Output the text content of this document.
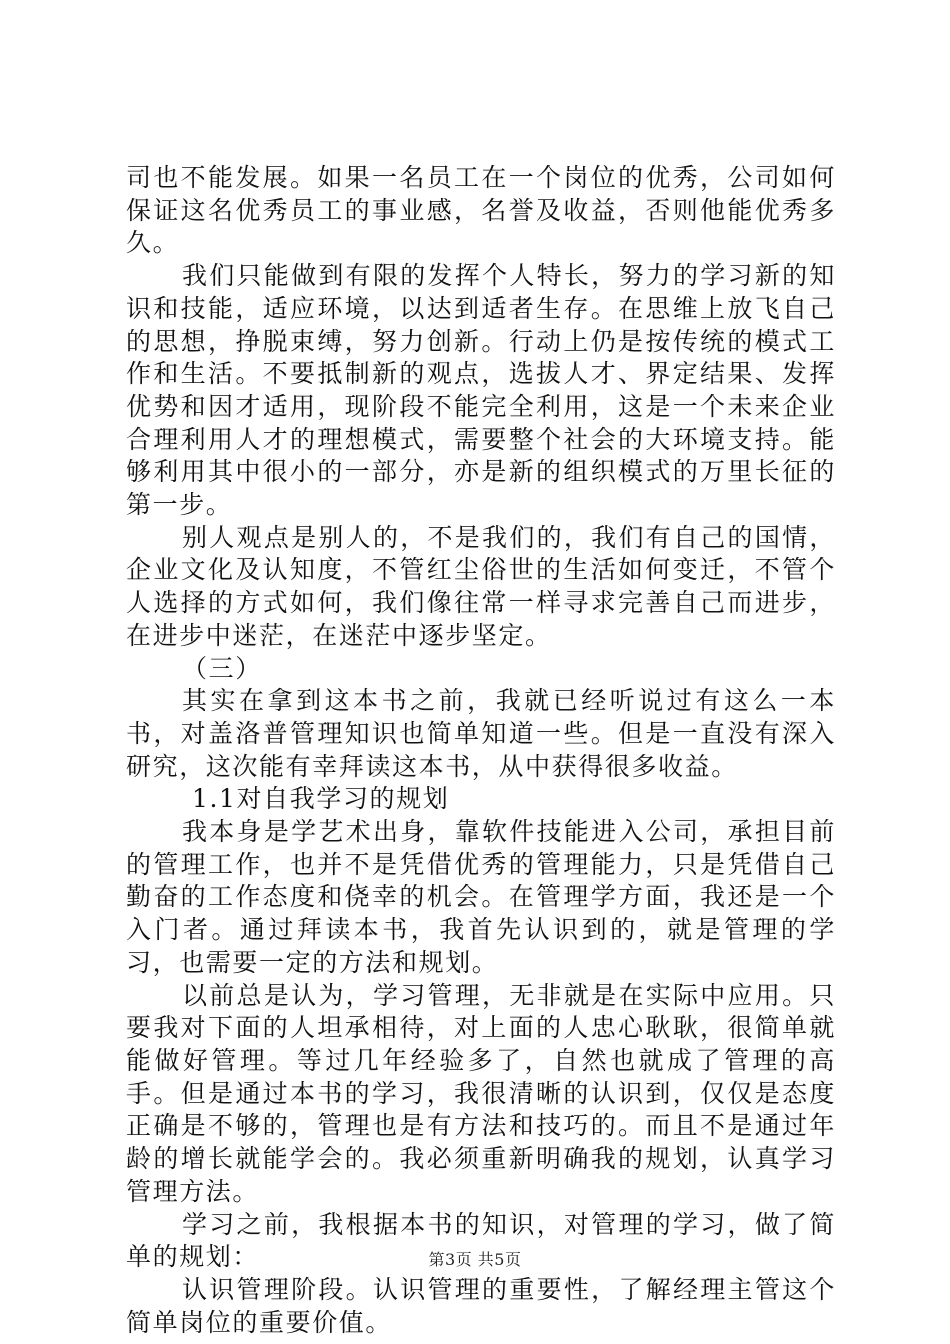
司也不能发展。如果一名员工在一个岗位的优秀，公司如何保证这名优秀员工的事业感，名誉及收益，否则他能优秀多久。

我们只能做到有限的发挥个人特长，努力的学习新的知识和技能，适应环境，以达到适者生存。在思维上放飞自己的思想，挣脱束缚，努力创新。行动上仍是按传统的模式工作和生活。不要抵制新的观点，选拔人才、界定结果、发挥优势和因才适用，现阶段不能完全利用，这是一个未来企业合理利用人才的理想模式，需要整个社会的大环境支持。能够利用其中很小的一部分，亦是新的组织模式的万里长征的第一步。

别人观点是别人的，不是我们的，我们有自己的国情，企业文化及认知度，不管红尘俗世的生活如何变迁，不管个人选择的方式如何，我们像往常一样寻求完善自己而进步，在进步中迷茫，在迷茫中逐步坚定。

（三）

其实在拿到这本书之前，我就已经听说过有这么一本书，对盖洛普管理知识也简单知道一些。但是一直没有深入研究，这次能有幸拜读这本书，从中获得很多收益。

1.1对自我学习的规划

我本身是学艺术出身，靠软件技能进入公司，承担目前的管理工作，也并不是凭借优秀的管理能力，只是凭借自己勤奋的工作态度和侥幸的机会。在管理学方面，我还是一个入门者。通过拜读本书，我首先认识到的，就是管理的学习，也需要一定的方法和规划。

以前总是认为，学习管理，无非就是在实际中应用。只要我对下面的人坦承相待，对上面的人忠心耿耿，很简单就能做好管理。等过几年经验多了，自然也就成了管理的高手。但是通过本书的学习，我很清晰的认识到，仅仅是态度正确是不够的，管理也是有方法和技巧的。而且不是通过年龄的增长就能学会的。我必须重新明确我的规划，认真学习管理方法。

学习之前，我根据本书的知识，对管理的学习，做了简单的规划：

认识管理阶段。认识管理的重要性，了解经理主管这个简单岗位的重要价值。

第3页 共5页
